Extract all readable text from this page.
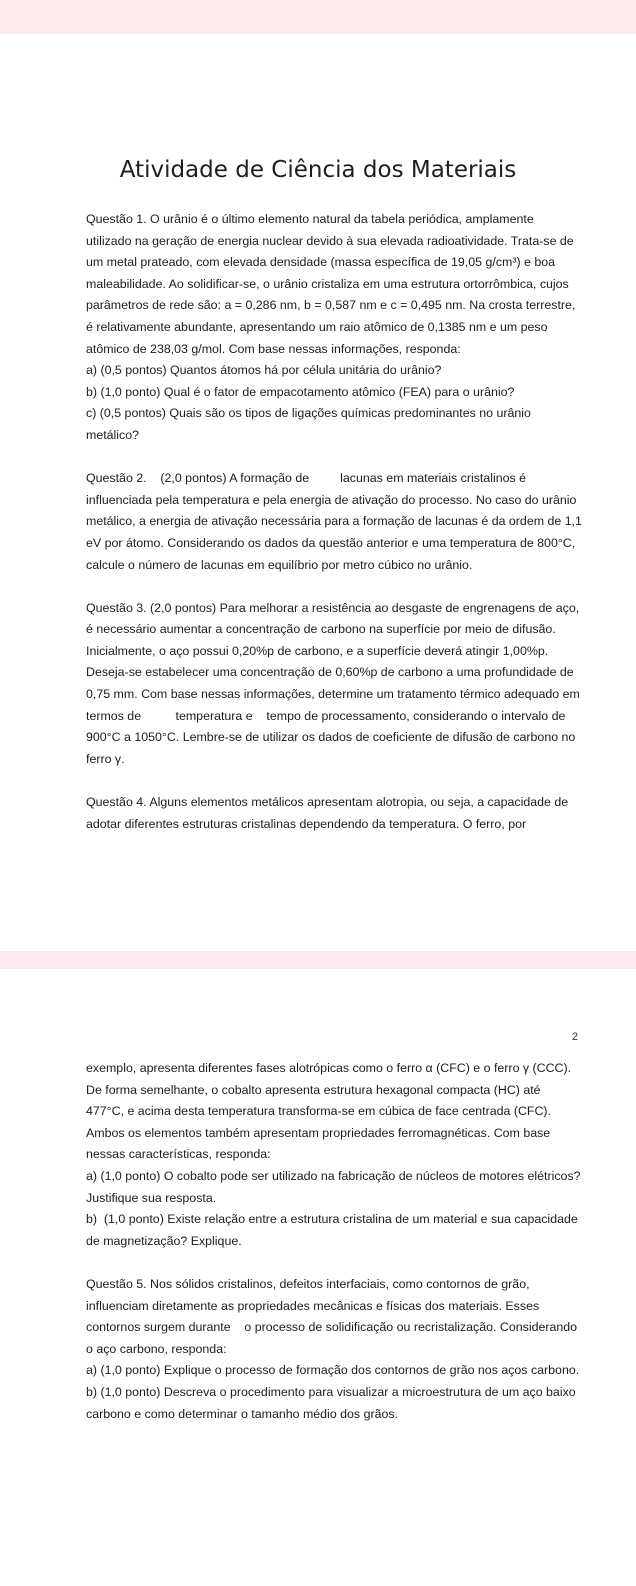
Atividade de Ciência dos Materiais

Questão 1. O urânio é o último elemento natural da tabela periódica, amplamente utilizado na geração de energia nuclear devido à sua elevada radioatividade. Trata-se de um metal prateado, com elevada densidade (massa específica de 19,05 g/cm³) e boa maleabilidade. Ao solidificar-se, o urânio cristaliza em uma estrutura ortorrômbica, cujos parâmetros de rede são: a = 0,286 nm, b = 0,587 nm e c = 0,495 nm. Na crosta terrestre, é relativamente abundante, apresentando um raio atômico de 0,1385 nm e um peso atômico de 238,03 g/mol. Com base nessas informações, responda:

a) (0,5 pontos) Quantos átomos há por célula unitária do urânio?

b) (1,0 ponto) Qual é o fator de empacotamento atômico (FEA) para o urânio?

c) (0,5 pontos) Quais são os tipos de ligações químicas predominantes no urânio metálico?

Questão 2.    (2,0 pontos) A formação de         lacunas em materiais cristalinos é influenciada pela temperatura e pela energia de ativação do processo. No caso do urânio metálico, a energia de ativação necessária para a formação de lacunas é da ordem de 1,1 eV por átomo. Considerando os dados da questão anterior e uma temperatura de 800°C, calcule o número de lacunas em equilíbrio por metro cúbico no urânio.

Questão 3. (2,0 pontos) Para melhorar a resistência ao desgaste de engrenagens de aço, é necessário aumentar a concentração de carbono na superfície por meio de difusão. Inicialmente, o aço possui 0,20%p de carbono, e a superfície deverá atingir 1,00%p. Deseja-se estabelecer uma concentração de 0,60%p de carbono a uma profundidade de 0,75 mm. Com base nessas informações, determine um tratamento térmico adequado em termos de          temperatura e    tempo de processamento, considerando o intervalo de 900°C a 1050°C. Lembre-se de utilizar os dados de coeficiente de difusão de carbono no ferro γ.

Questão 4. Alguns elementos metálicos apresentam alotropia, ou seja, a capacidade de adotar diferentes estruturas cristalinas dependendo da temperatura. O ferro, por

2

exemplo, apresenta diferentes fases alotrópicas como o ferro α (CFC) e o ferro γ (CCC). De forma semelhante, o cobalto apresenta estrutura hexagonal compacta (HC) até 477°C, e acima desta temperatura transforma-se em cúbica de face centrada (CFC). Ambos os elementos também apresentam propriedades ferromagnéticas. Com base nessas características, responda:

a) (1,0 ponto) O cobalto pode ser utilizado na fabricação de núcleos de motores elétricos? Justifique sua resposta.

b)  (1,0 ponto) Existe relação entre a estrutura cristalina de um material e sua capacidade de magnetização? Explique.

Questão 5. Nos sólidos cristalinos, defeitos interfaciais, como contornos de grão, influenciam diretamente as propriedades mecânicas e físicas dos materiais. Esses contornos surgem durante    o processo de solidificação ou recristalização. Considerando o aço carbono, responda:

a) (1,0 ponto) Explique o processo de formação dos contornos de grão nos aços carbono.

b) (1,0 ponto) Descreva o procedimento para visualizar a microestrutura de um aço baixo carbono e como determinar o tamanho médio dos grãos.
